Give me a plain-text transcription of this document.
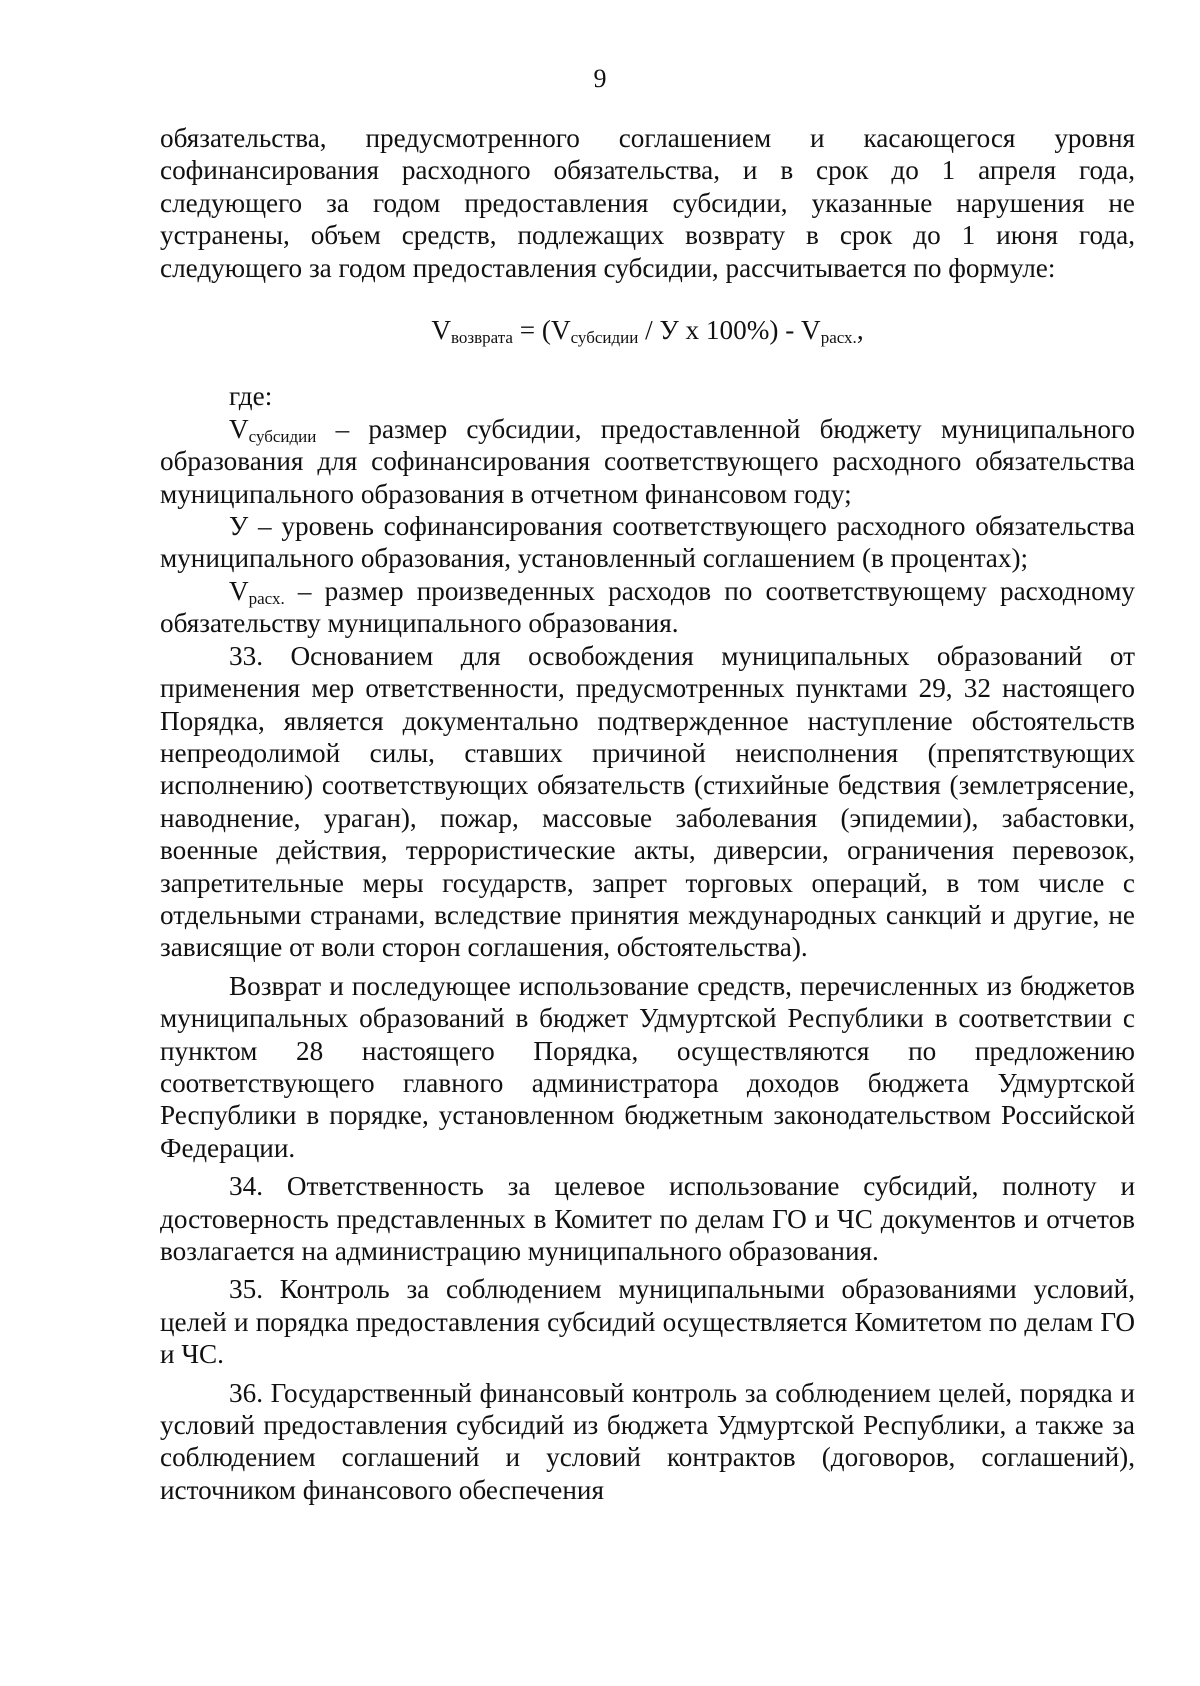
9

обязательства, предусмотренного соглашением и касающегося уровня софинансирования расходного обязательства, и в срок до 1 апреля года, следующего за годом предоставления субсидии, указанные нарушения не устранены, объем средств, подлежащих возврату в срок до 1 июня года, следующего за годом предоставления субсидии, рассчитывается по формуле:

$V_{возврата} = (V_{субсидии} / У$ х $100\%) - V_{расх.}$,

где:

$V_{субсидии}$ – размер субсидии, предоставленной бюджету муниципального образования для софинансирования соответствующего расходного обязательства муниципального образования в отчетном финансовом году;

У – уровень софинансирования соответствующего расходного обязательства муниципального образования, установленный соглашением (в процентах);

$V_{расх.}$ – размер произведенных расходов по соответствующему расходному обязательству муниципального образования.

33. Основанием для освобождения муниципальных образований от применения мер ответственности, предусмотренных пунктами 29, 32 настоящего Порядка, является документально подтвержденное наступление обстоятельств непреодолимой силы, ставших причиной неисполнения (препятствующих исполнению) соответствующих обязательств (стихийные бедствия (землетрясение, наводнение, ураган), пожар, массовые заболевания (эпидемии), забастовки, военные действия, террористические акты, диверсии, ограничения перевозок, запретительные меры государств, запрет торговых операций, в том числе с отдельными странами, вследствие принятия международных санкций и другие, не зависящие от воли сторон соглашения, обстоятельства).

Возврат и последующее использование средств, перечисленных из бюджетов муниципальных образований в бюджет Удмуртской Республики в соответствии с пунктом 28 настоящего Порядка, осуществляются по предложению соответствующего главного администратора доходов бюджета Удмуртской Республики в порядке, установленном бюджетным законодательством Российской Федерации.

34. Ответственность за целевое использование субсидий, полноту и достоверность представленных в Комитет по делам ГО и ЧС документов и отчетов возлагается на администрацию муниципального образования.

35. Контроль за соблюдением муниципальными образованиями условий, целей и порядка предоставления субсидий осуществляется Комитетом по делам ГО и ЧС.

36. Государственный финансовый контроль за соблюдением целей, порядка и условий предоставления субсидий из бюджета Удмуртской Республики, а также за соблюдением соглашений и условий контрактов (договоров, соглашений), источником финансового обеспечения
